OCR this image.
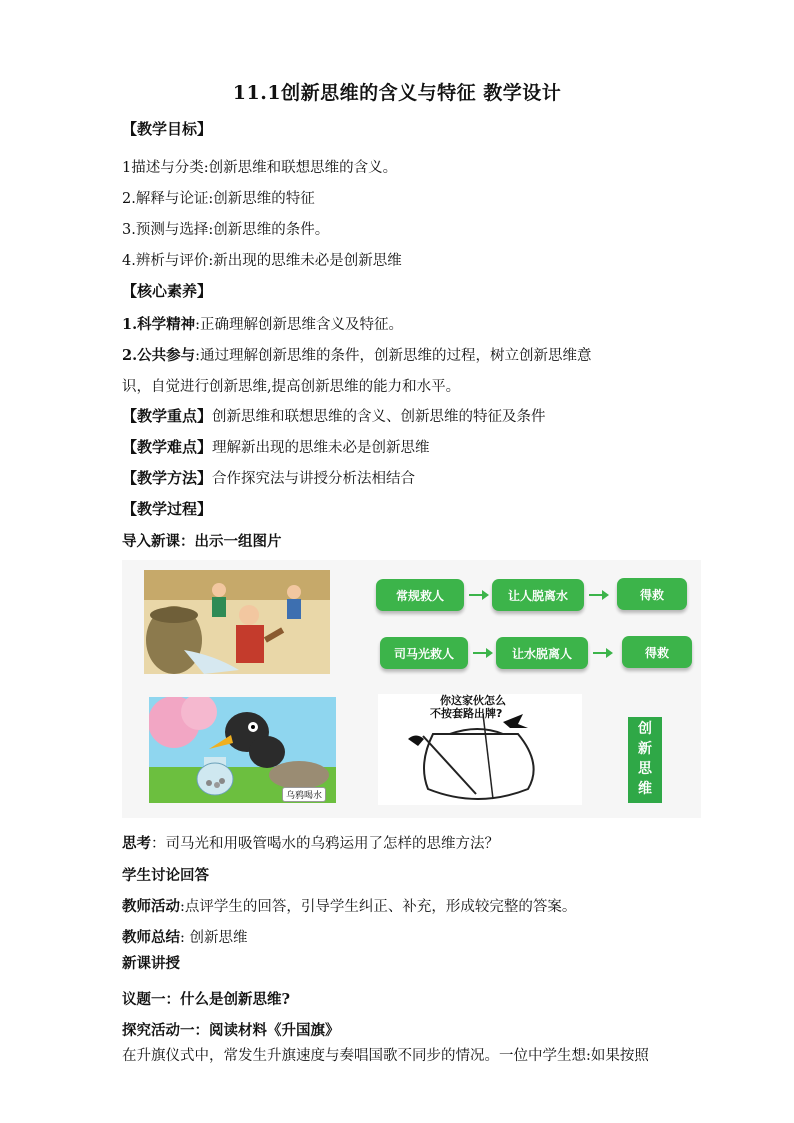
11.1创新思维的含义与特征 教学设计
【教学目标】
1描述与分类:创新思维和联想思维的含义。
2.解释与论证:创新思维的特征
3.预测与选择:创新思维的条件。
4.辨析与评价:新出现的思维未必是创新思维
【核心素养】
1.科学精神:正确理解创新思维含义及特征。
2.公共参与:通过理解创新思维的条件，创新思维的过程，树立创新思维意
识，自觉进行创新思维,提高创新思维的能力和水平。
【教学重点】创新思维和联想思维的含义、创新思维的特征及条件
【教学难点】理解新出现的思维未必是创新思维
【教学方法】合作探究法与讲授分析法相结合
【教学过程】
导入新课：出示一组图片
常规救人	让人脱离水	得救
司马光救人	让水脱离人	得救
乌鸦喝水
你这家伙怎么
不按套路出牌?
创
新
思
维
思考：司马光和用吸管喝水的乌鸦运用了怎样的思维方法？
学生讨论回答
教师活动:点评学生的回答，引导学生纠正、补充，形成较完整的答案。
教师总结: 创新思维
新课讲授
议题一：什么是创新思维?
探究活动一：阅读材料《升国旗》
在升旗仪式中，常发生升旗速度与奏唱国歌不同步的情况。一位中学生想:如果按照
